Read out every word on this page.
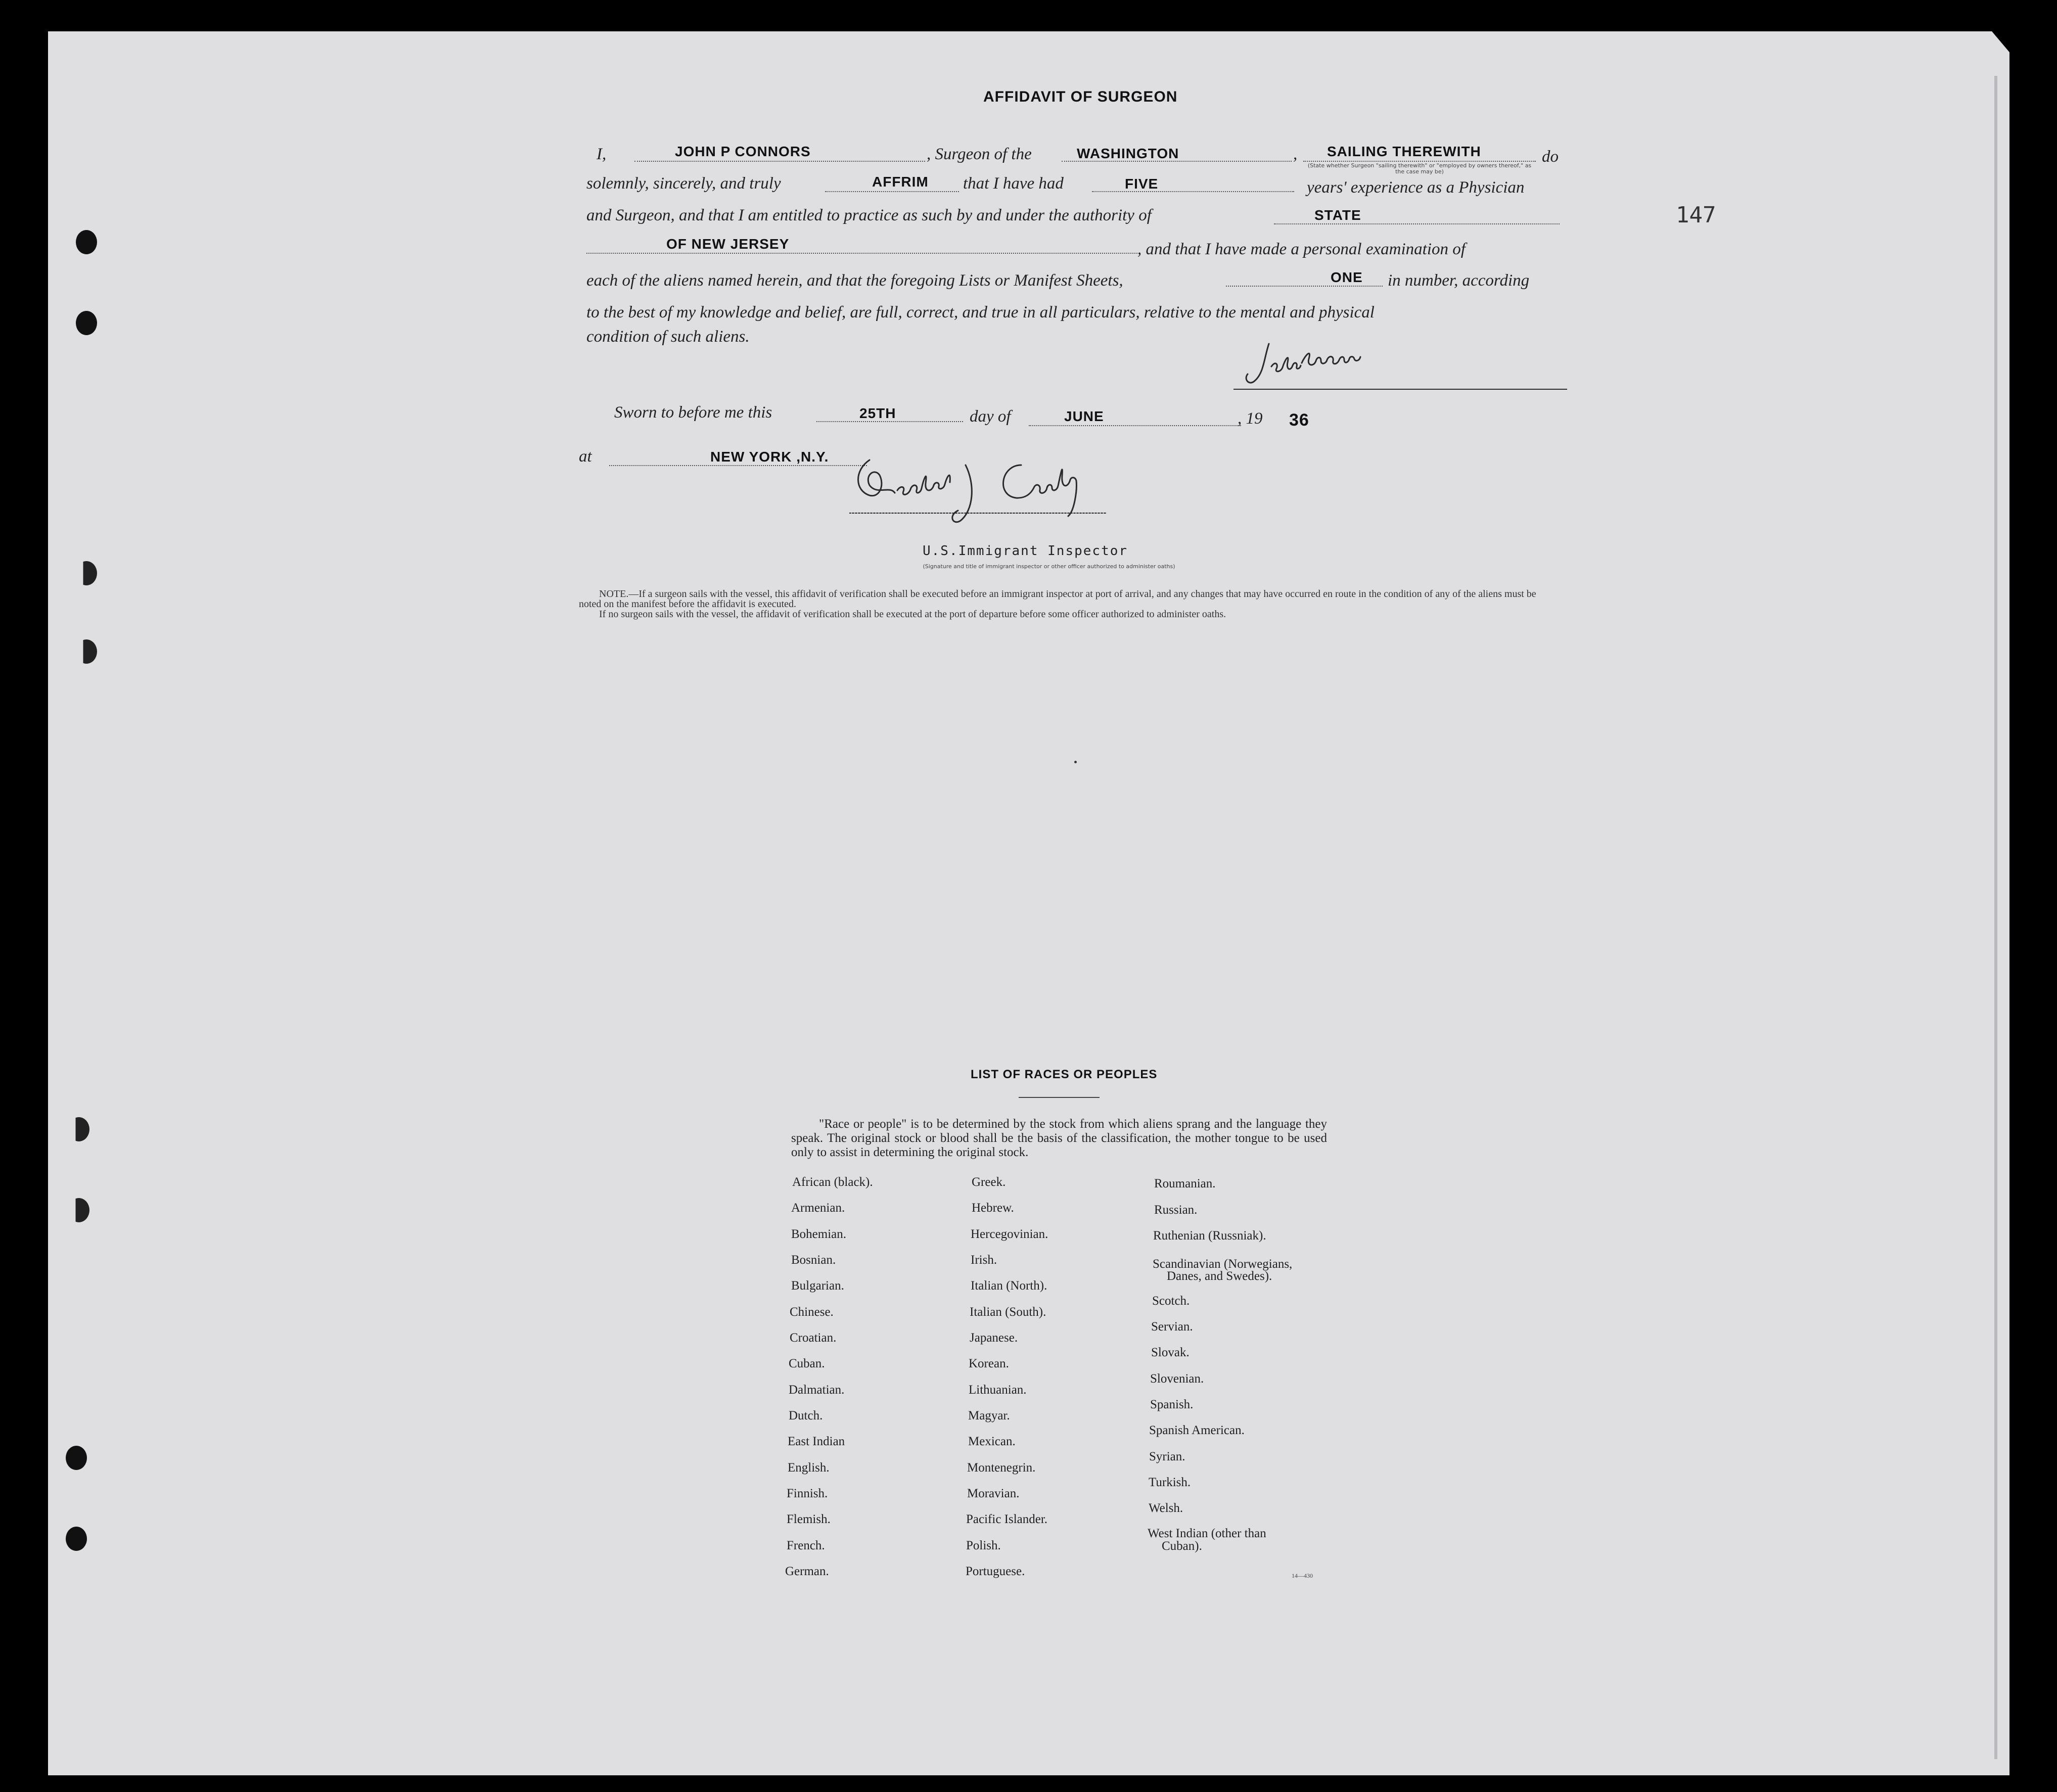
147
AFFIDAVIT OF SURGEON
I,	JOHN P CONNORS	, Surgeon of the	WASHINGTON	, SAILING THEREWITH	do
(State whether Surgeon "sailing therewith" or "employed by owners thereof," as the case may be)
solemnly, sincerely, and truly	AFFRIM that I have had	FIVE	years' experience as a Physician
and Surgeon, and that I am entitled to practice as such by and under the authority of	STATE
OF NEW JERSEY	, and that I have made a personal examination of
each of the aliens named herein, and that the foregoing Lists or Manifest Sheets,	ONE in number, according
to the best of my knowledge and belief, are full, correct, and true in all particulars, relative to the mental and physical
condition of such aliens.
Sworn to before me this	25TH	day of	JUNE	, 19 36
at	NEW YORK ,N.Y.
U.S.Immigrant Inspector
(Signature and title of immigrant inspector or other officer authorized to administer oaths)
NOTE.—If a surgeon sails with the vessel, this affidavit of verification shall be executed before an immigrant inspector at port of arrival, and any changes that may have occurred en route in the condition of any of the aliens must be noted on the manifest before the affidavit is executed.
If no surgeon sails with the vessel, the affidavit of verification shall be executed at the port of departure before some officer authorized to administer oaths.
LIST OF RACES OR PEOPLES
"Race or people" is to be determined by the stock from which aliens sprang and the language they speak. The original stock or blood shall be the basis of the classification, the mother tongue to be used only to assist in determining the original stock.
African (black).
Armenian.
Bohemian.
Bosnian.
Bulgarian.
Chinese.
Croatian.
Cuban.
Dalmatian.
Dutch.
East Indian
English.
Finnish.
Flemish.
French.
German.
Greek.
Hebrew.
Hercegovinian.
Irish.
Italian (North).
Italian (South).
Japanese.
Korean.
Lithuanian.
Magyar.
Mexican.
Montenegrin.
Moravian.
Pacific Islander.
Polish.
Portuguese.
Roumanian.
Russian.
Ruthenian (Russniak).
Scandinavian (Norwegians,
Danes, and Swedes).
Scotch.
Servian.
Slovak.
Slovenian.
Spanish.
Spanish American.
Syrian.
Turkish.
Welsh.
West Indian (other than
Cuban).
14—430
